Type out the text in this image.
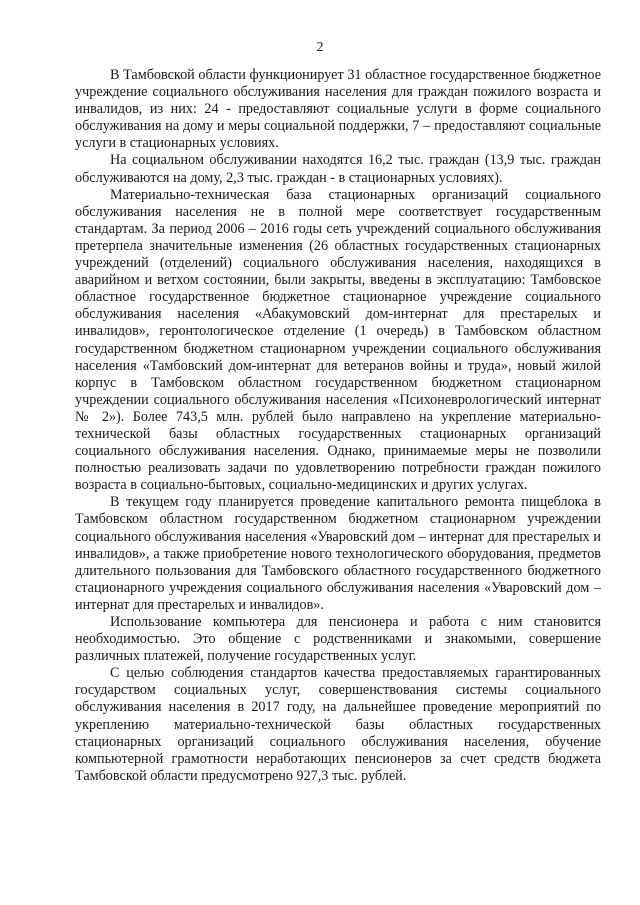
2

В Тамбовской области функционирует 31 областное государственное бюджетное учреждение социального обслуживания населения для граждан пожилого возраста и инвалидов, из них: 24 - предоставляют социальные услуги в форме социального обслуживания на дому и меры социальной поддержки, 7 – предоставляют социальные услуги в стационарных условиях.

На социальном обслуживании находятся 16,2 тыс. граждан (13,9 тыс. граждан обслуживаются на дому, 2,3 тыс. граждан - в стационарных условиях).

Материально-техническая база стационарных организаций социального обслуживания населения не в полной мере соответствует государственным стандартам. За период 2006 – 2016 годы сеть учреждений социального обслуживания претерпела значительные изменения (26 областных государственных стационарных учреждений (отделений) социального обслуживания населения, находящихся в аварийном и ветхом состоянии, были закрыты, введены в эксплуатацию: Тамбовское областное государственное бюджетное стационарное учреждение социального обслуживания населения «Абакумовский дом-интернат для престарелых и инвалидов», геронтологическое отделение (1 очередь) в Тамбовском областном государственном бюджетном стационарном учреждении социального обслуживания населения «Тамбовский дом-интернат для ветеранов войны и труда», новый жилой корпус в Тамбовском областном государственном бюджетном стационарном учреждении социального обслуживания населения «Психоневрологический интернат № 2»). Более 743,5 млн. рублей было направлено на укрепление материально-технической базы областных государственных стационарных организаций социального обслуживания населения. Однако, принимаемые меры не позволили полностью реализовать задачи по удовлетворению потребности граждан пожилого возраста в социально-бытовых, социально-медицинских и других услугах.

В текущем году планируется проведение капитального ремонта пищеблока в Тамбовском областном государственном бюджетном стационарном учреждении социального обслуживания населения «Уваровский дом – интернат для престарелых и инвалидов», а также приобретение нового технологического оборудования, предметов длительного пользования для Тамбовского областного государственного бюджетного стационарного учреждения социального обслуживания населения «Уваровский дом – интернат для престарелых и инвалидов».

Использование компьютера для пенсионера и работа с ним становится необходимостью. Это общение с родственниками и знакомыми, совершение различных платежей, получение государственных услуг.

С целью соблюдения стандартов качества предоставляемых гарантированных государством социальных услуг, совершенствования системы социального обслуживания населения в 2017 году, на дальнейшее проведение мероприятий по укреплению материально-технической базы областных государственных стационарных организаций социального обслуживания населения, обучение компьютерной грамотности неработающих пенсионеров за счет средств бюджета Тамбовской области предусмотрено 927,3 тыс. рублей.
